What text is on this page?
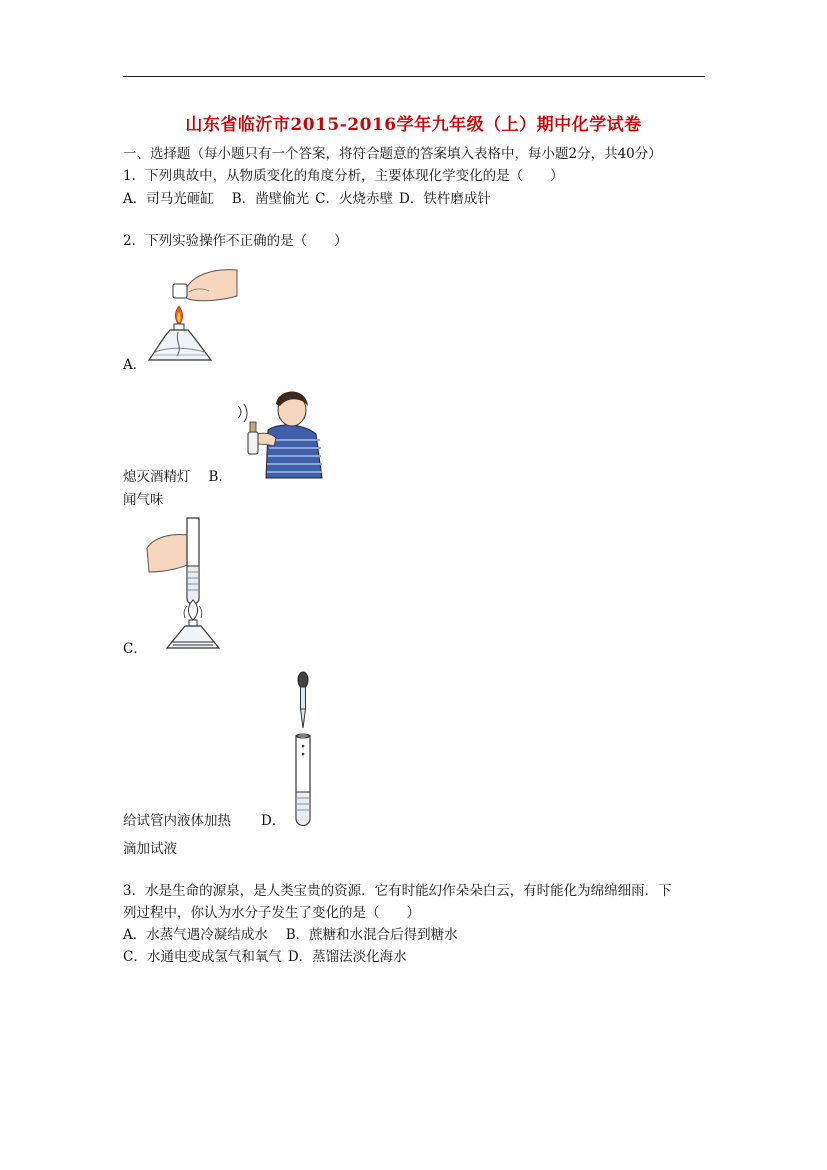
山东省临沂市2015-2016学年九年级（上）期中化学试卷
一、选择题（每小题只有一个答案，将符合题意的答案填入表格中，每小题2分，共40分）
1．下列典故中，从物质变化的角度分析，主要体现化学变化的是（　　）
A．司马光砸缸 B．凿壁偷光 C．火烧赤壁 D．铁杵磨成针
2．下列实验操作不正确的是（　　）
A．
熄灭酒精灯 B．
闻气味
C．
给试管内液体加热 D．
滴加试液
3．水是生命的源泉，是人类宝贵的资源．它有时能幻作朵朵白云，有时能化为绵绵细雨．下
列过程中，你认为水分子发生了变化的是（　　）
A．水蒸气遇冷凝结成水 B．蔗糖和水混合后得到糖水
C．水通电变成氢气和氧气 D．蒸馏法淡化海水
